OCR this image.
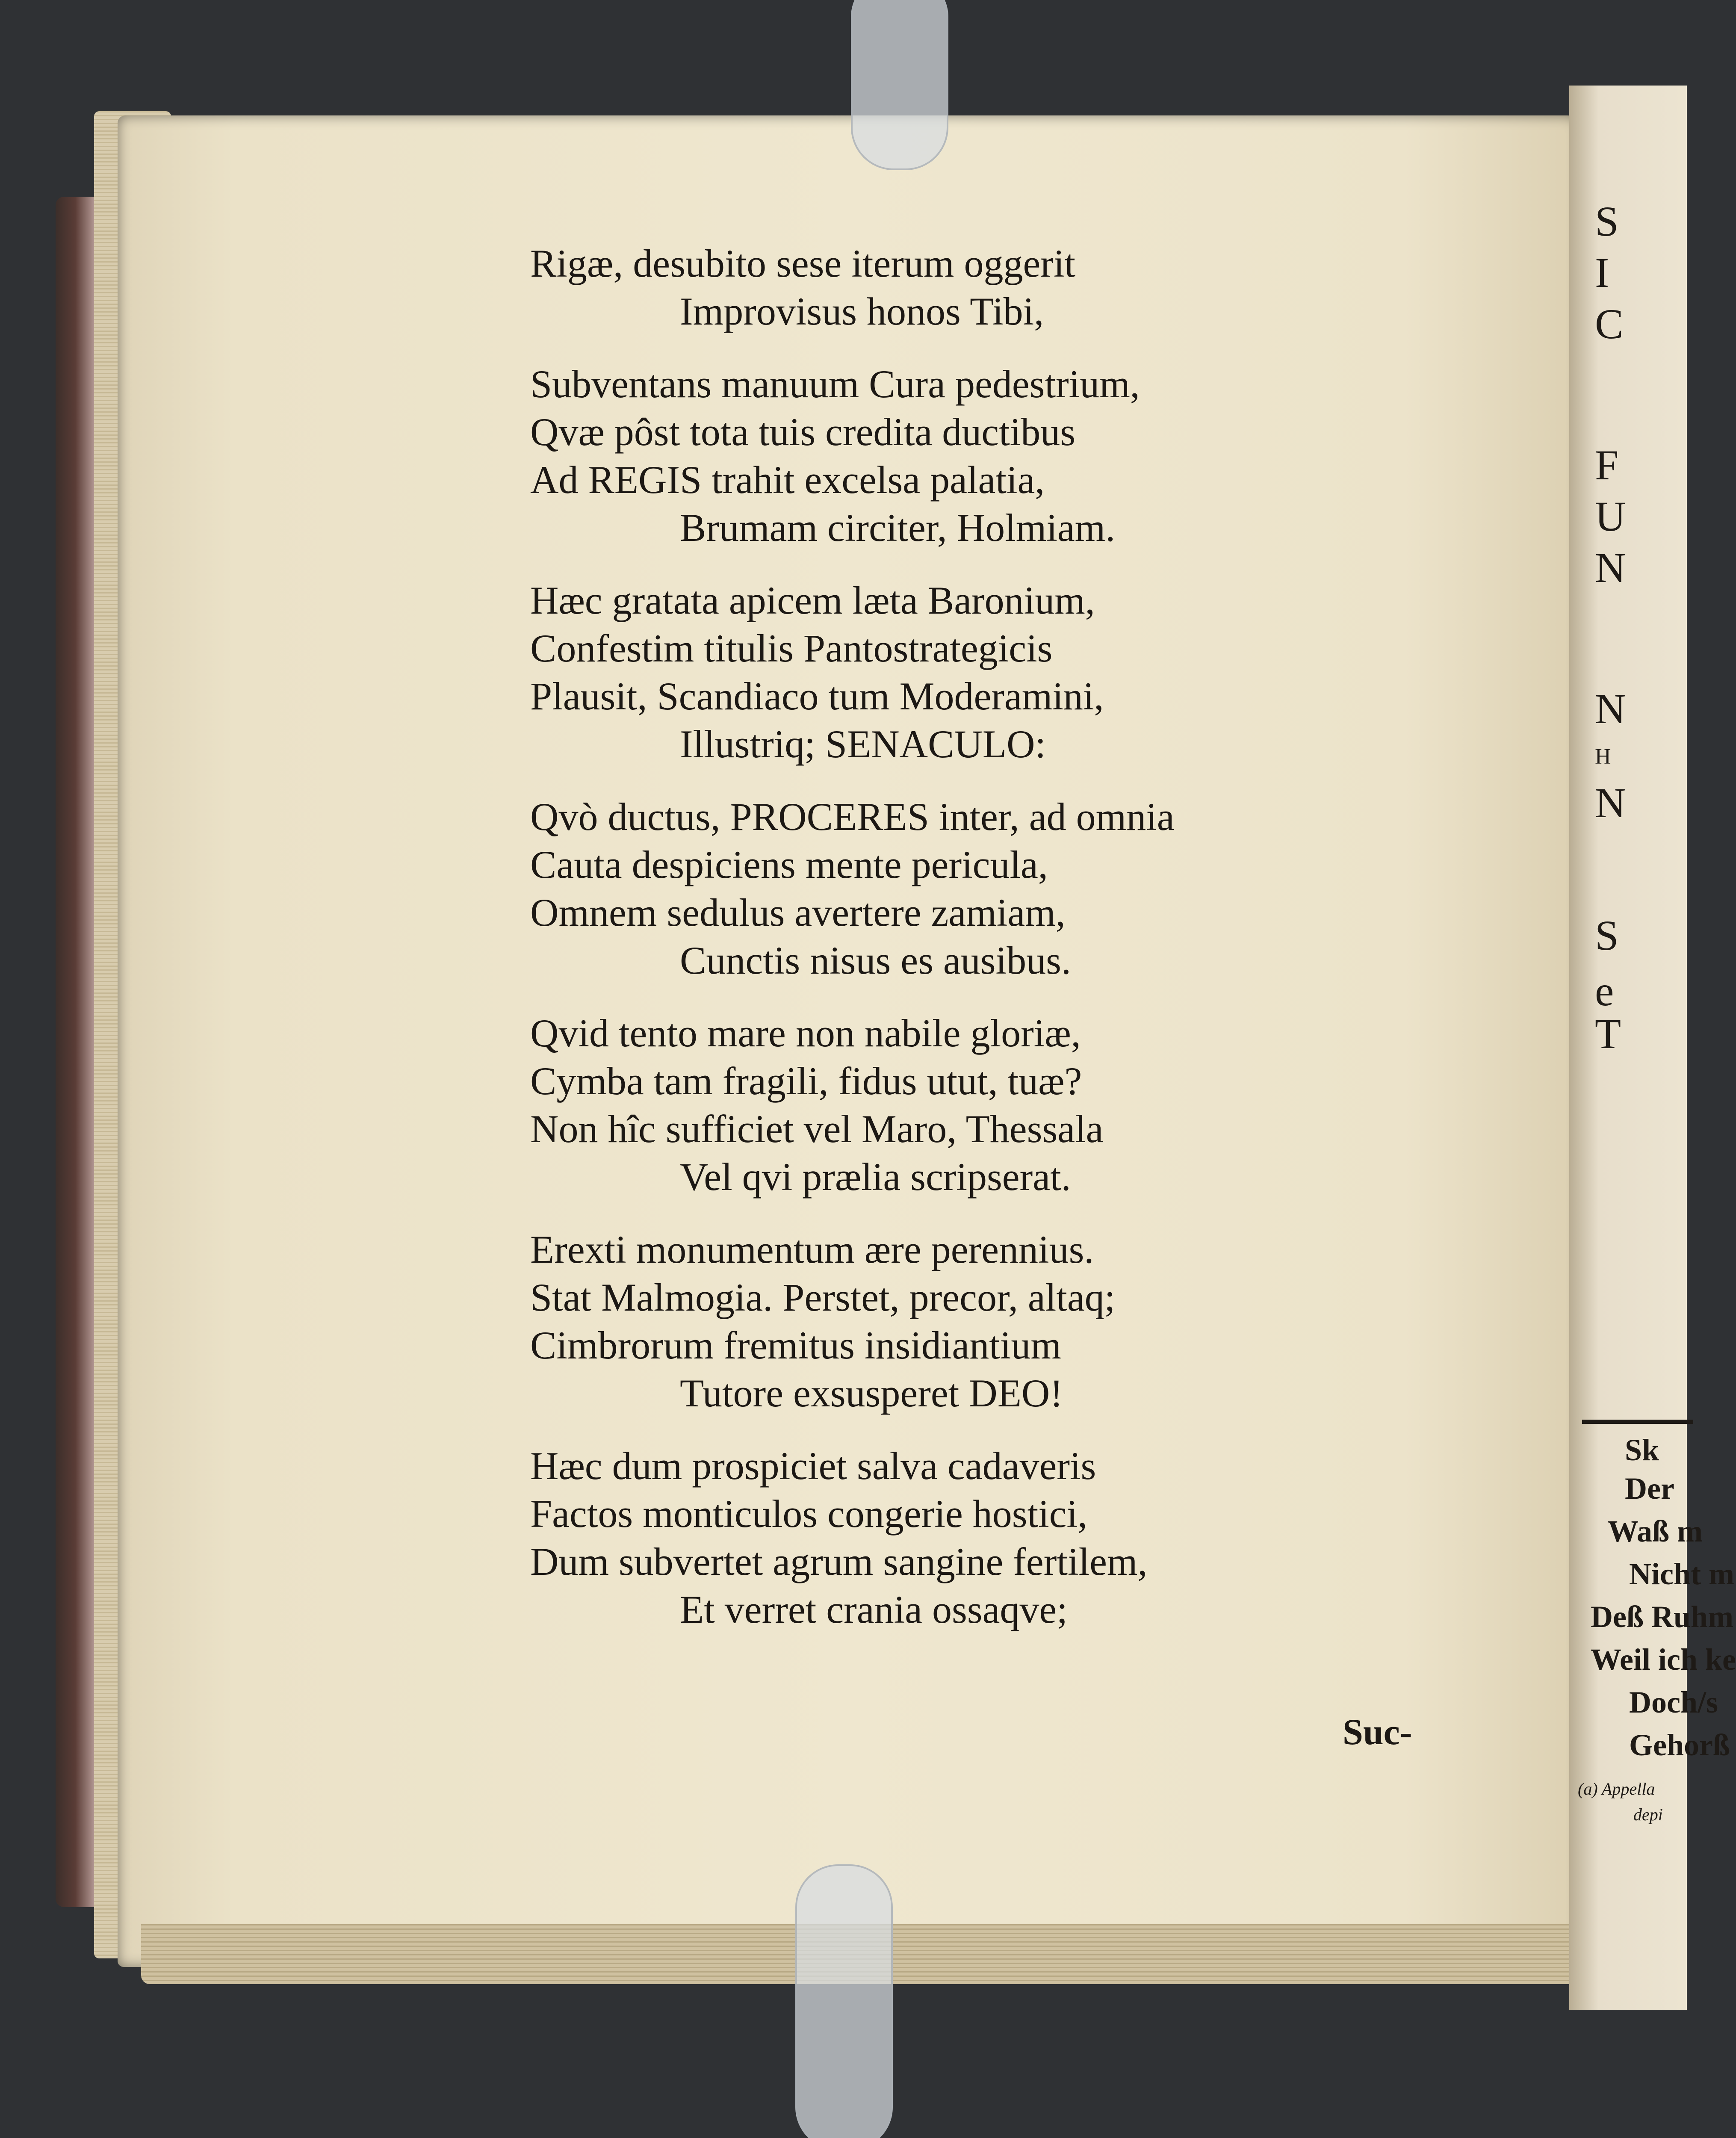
S
I
C
F
U
N
N
H
N
S
e
T
Sk
Der
Waß m
Nicht m
Deß Ruhm
Weil ich ke
Doch/s
Gehorß
(a) Appella
depi
Rigæ, desubito sese iterum oggerit
Improvisus honos Tibi,
Subventans manuum Cura pedestrium,
Qvæ pôst tota tuis credita ductibus
Ad REGIS trahit excelsa palatia,
Brumam circiter, Holmiam.
Hæc gratata apicem læta Baronium,
Confestim titulis Pantostrategicis
Plausit, Scandiaco tum Moderamini,
Illustriq; SENACULO:
Qvò ductus, PROCERES inter, ad omnia
Cauta despiciens mente pericula,
Omnem sedulus avertere zamiam,
Cunctis nisus es ausibus.
Qvid tento mare non nabile gloriæ,
Cymba tam fragili, fidus utut, tuæ?
Non hîc sufficiet vel Maro, Thessala
Vel qvi prælia scripserat.
Erexti monumentum ære perennius.
Stat Malmogia. Perstet, precor, altaq;
Cimbrorum fremitus insidiantium
Tutore exsusperet DEO!
Hæc dum prospiciet salva cadaveris
Factos monticulos congerie hostici,
Dum subvertet agrum sangine fertilem,
Et verret crania ossaqve;
Suc-
